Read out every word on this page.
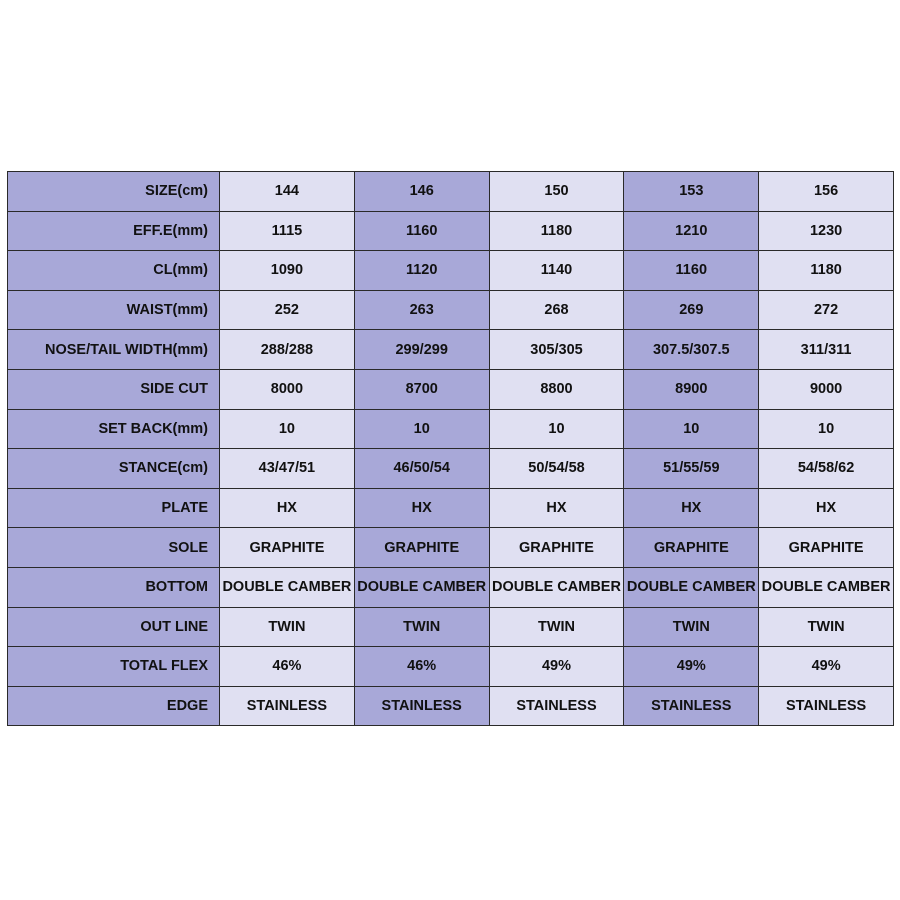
SIZE(cm)	144	146	150	153	156
EFF.E(mm)	1115	1160	1180	1210	1230
CL(mm)	1090	1120	1140	1160	1180
WAIST(mm)	252	263	268	269	272
NOSE/TAIL WIDTH(mm)	288/288	299/299	305/305	307.5/307.5	311/311
SIDE CUT	8000	8700	8800	8900	9000
SET BACK(mm)	10	10	10	10	10
STANCE(cm)	43/47/51	46/50/54	50/54/58	51/55/59	54/58/62
PLATE	HX	HX	HX	HX	HX
SOLE	GRAPHITE	GRAPHITE	GRAPHITE	GRAPHITE	GRAPHITE
BOTTOM	DOUBLE CAMBER	DOUBLE CAMBER	DOUBLE CAMBER	DOUBLE CAMBER	DOUBLE CAMBER
OUT LINE	TWIN	TWIN	TWIN	TWIN	TWIN
TOTAL FLEX	46%	46%	49%	49%	49%
EDGE	STAINLESS	STAINLESS	STAINLESS	STAINLESS	STAINLESS
